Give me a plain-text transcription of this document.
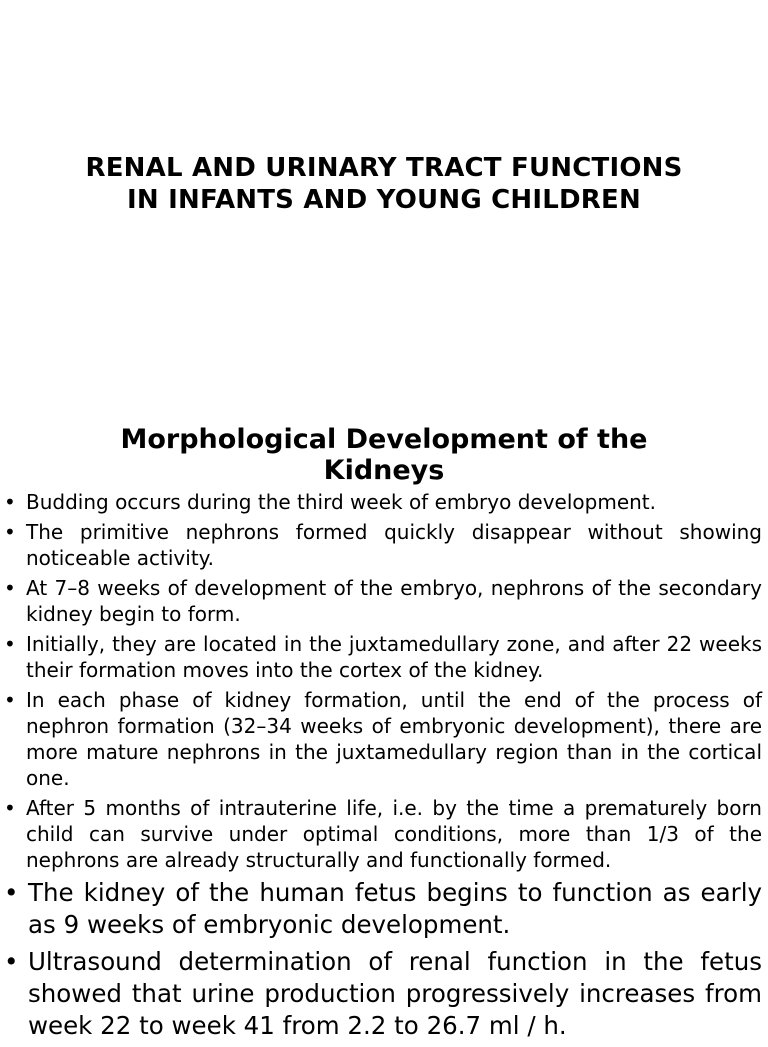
RENAL AND URINARY TRACT FUNCTIONS
IN INFANTS AND YOUNG CHILDREN
Morphological Development of the
Kidneys
• Budding occurs during the third week of embryo development.
• The primitive nephrons formed quickly disappear without showing noticeable activity.
• At 7–8 weeks of development of the embryo, nephrons of the secondary kidney begin to form.
• Initially, they are located in the juxtamedullary zone, and after 22 weeks their formation moves into the cortex of the kidney.
• In each phase of kidney formation, until the end of the process of nephron formation (32–34 weeks of embryonic development), there are more mature nephrons in the juxtamedullary region than in the cortical one.
• After 5 months of intrauterine life, i.e. by the time a prematurely born child can survive under optimal conditions, more than 1/3 of the nephrons are already structurally and functionally formed.
• The kidney of the human fetus begins to function as early as 9 weeks of embryonic development.
• Ultrasound determination of renal function in the fetus showed that urine production progressively increases from week 22 to week 41 from 2.2 to 26.7 ml / h.
